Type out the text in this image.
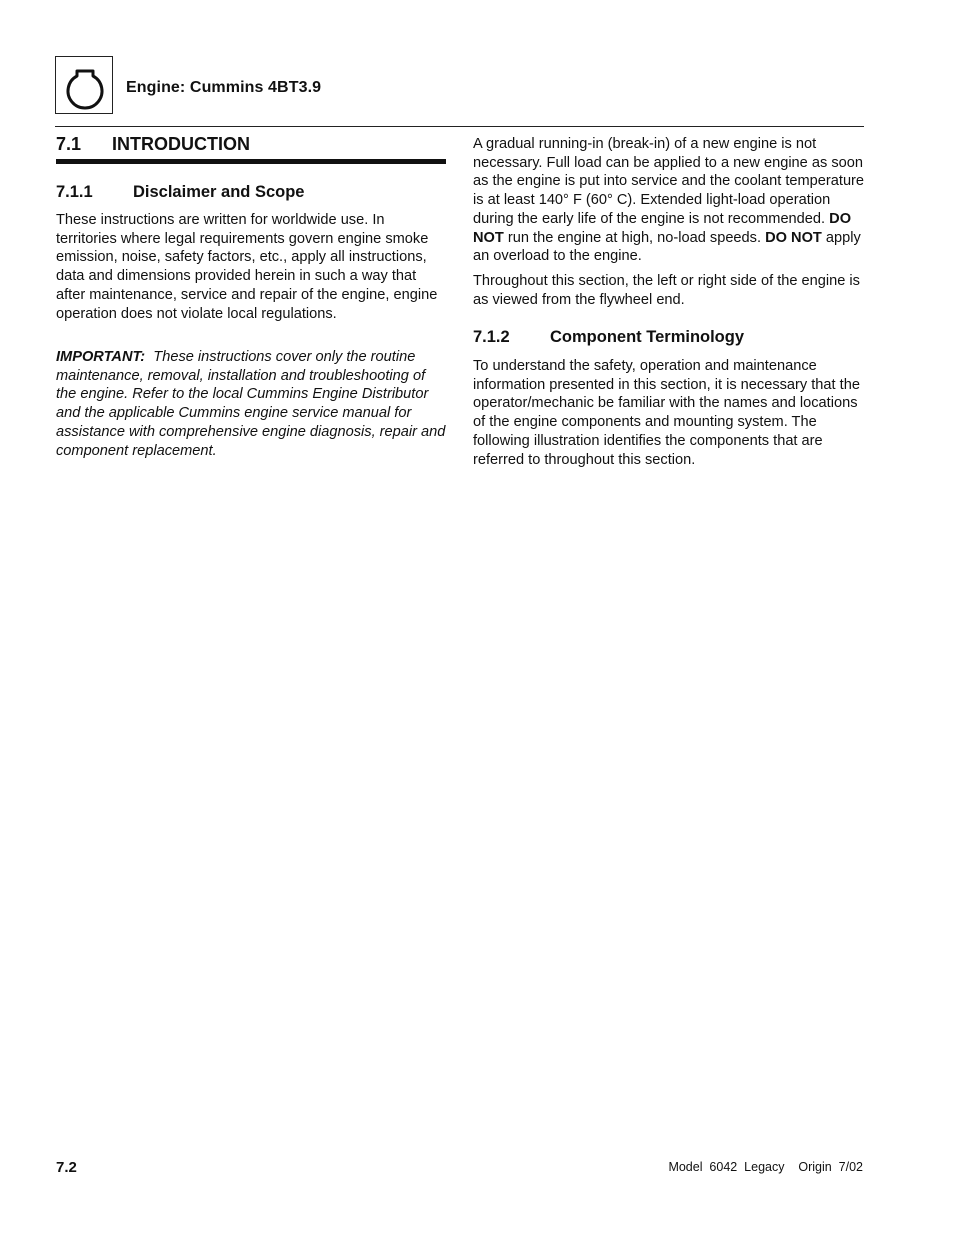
Engine: Cummins 4BT3.9
7.1 INTRODUCTION
7.1.1 Disclaimer and Scope

These instructions are written for worldwide use. In territories where legal requirements govern engine smoke emission, noise, safety factors, etc., apply all instructions, data and dimensions provided herein in such a way that after maintenance, service and repair of the engine, engine operation does not violate local regulations.

IMPORTANT: These instructions cover only the routine maintenance, removal, installation and troubleshooting of the engine. Refer to the local Cummins Engine Distributor and the applicable Cummins engine service manual for assistance with comprehensive engine diagnosis, repair and component replacement.

A gradual running-in (break-in) of a new engine is not necessary. Full load can be applied to a new engine as soon as the engine is put into service and the coolant temperature is at least 140° F (60° C). Extended light-load operation during the early life of the engine is not recommended. DO NOT run the engine at high, no-load speeds. DO NOT apply an overload to the engine.

Throughout this section, the left or right side of the engine is as viewed from the flywheel end.

7.1.2 Component Terminology

To understand the safety, operation and maintenance information presented in this section, it is necessary that the operator/mechanic be familiar with the names and locations of the engine components and mounting system. The following illustration identifies the components that are referred to throughout this section.

7.2	Model  6042  Legacy    Origin  7/02
